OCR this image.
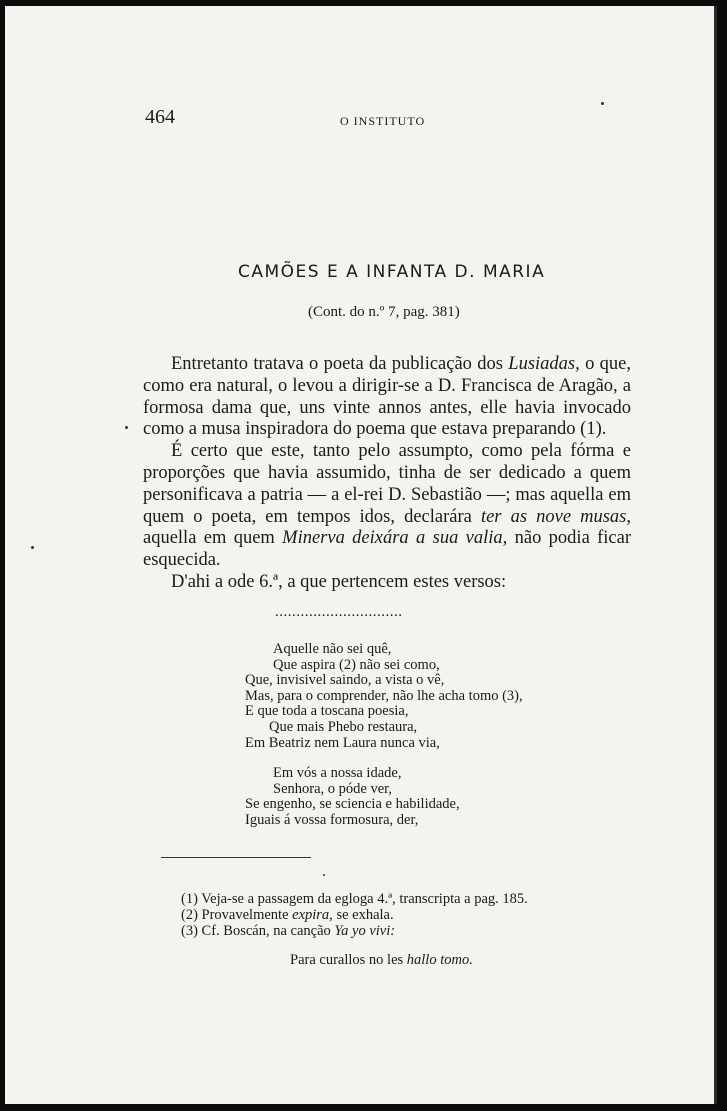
464	O INSTITUTO
CAMÕES E A INFANTA D. MARIA
(Cont. do n.º 7, pag. 381)

Entretanto tratava o poeta da publicação dos Lusiadas, o que, como era natural, o levou a dirigir-se a D. Francisca de Aragão, a formosa dama que, uns vinte annos antes, elle havia invocado como a musa inspiradora do poema que estava preparando (1).

É certo que este, tanto pelo assumpto, como pela fórma e proporções que havia assumido, tinha de ser dedicado a quem personificava a patria — a el-rei D. Sebastião —; mas aquella em quem o poeta, em tempos idos, declarára ter as nove musas, aquella em quem Minerva deixára a sua valia, não podia ficar esquecida.

D'ahi a ode 6.ª, a que pertencem estes versos:

..............................
Aquelle não sei quê,
Que aspira (2) não sei como,
Que, invisivel saindo, a vista o vê,
Mas, para o comprender, não lhe acha tomo (3),
E que toda a toscana poesia,
Que mais Phebo restaura,
Em Beatriz nem Laura nunca via,
Em vós a nossa idade,
Senhora, o póde ver,
Se engenho, se sciencia e habilidade,
Iguais á vossa formosura, der,
(1) Veja-se a passagem da egloga 4.ª, transcripta a pag. 185.
(2) Provavelmente expira, se exhala.
(3) Cf. Boscán, na canção Ya yo vivi:
Para curallos no les hallo tomo.
